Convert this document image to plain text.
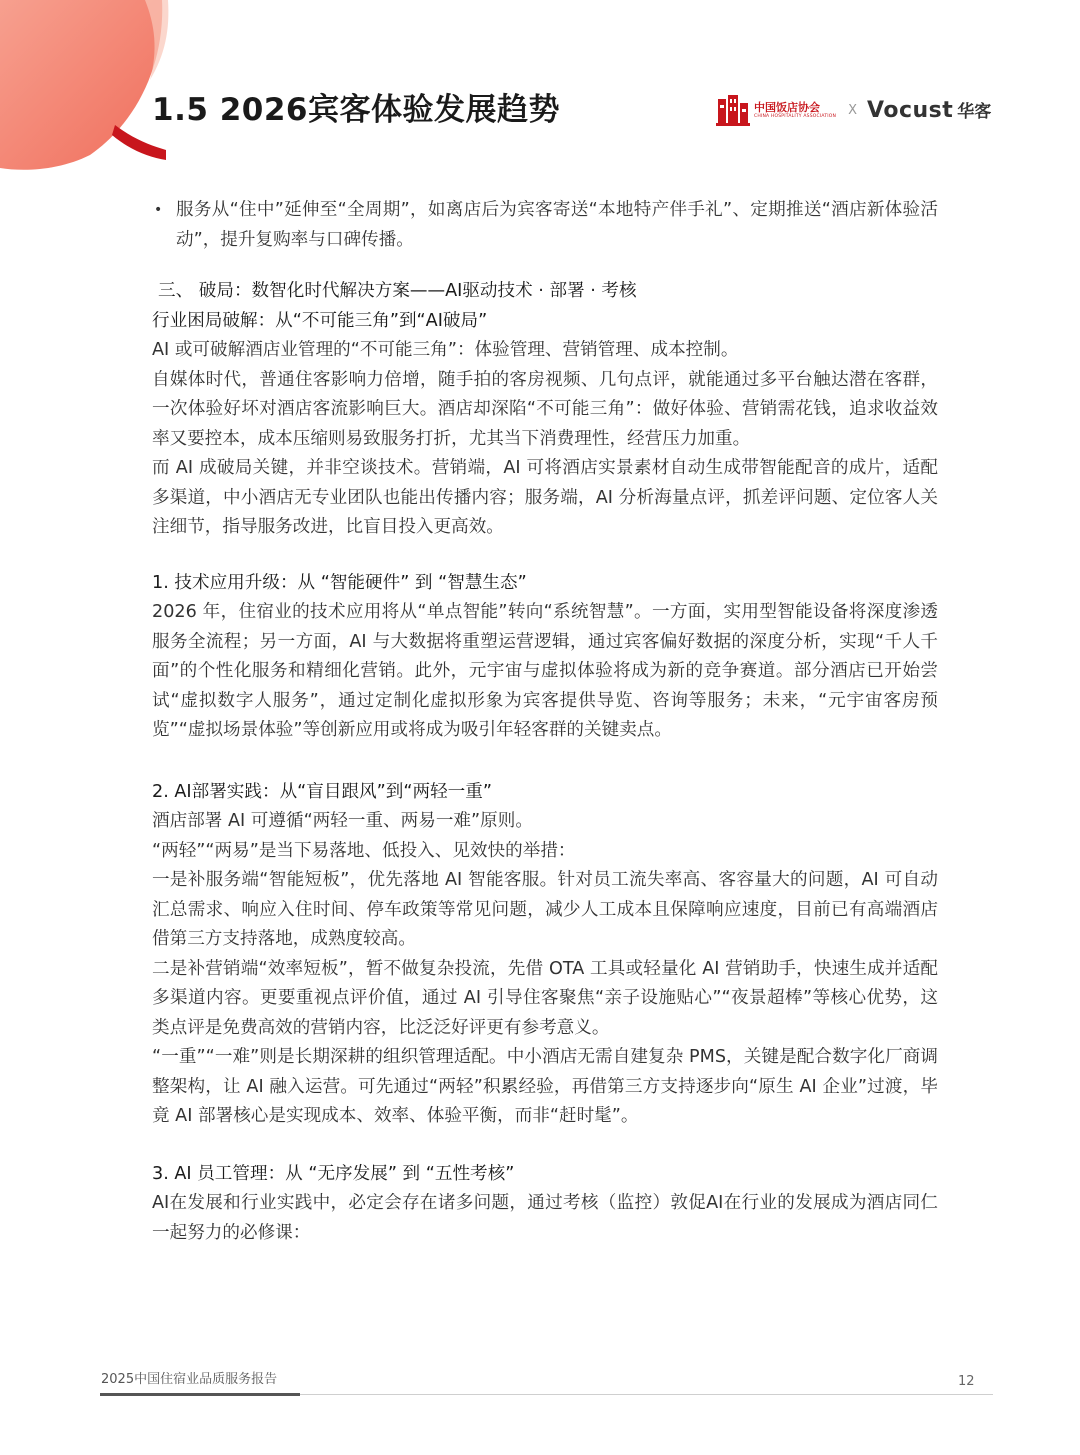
1.5 2026宾客体验发展趋势	中国饭店协会
CHINA HOSPITALITY ASSOCIATION X Vocust 华客
• 服务从“住中”延伸至“全周期”，如离店后为宾客寄送“本地特产伴手礼”、定期推送“酒店新体验活动”，提升复购率与口碑传播。

三、 破局：数智化时代解决方案——AI驱动技术 · 部署 · 考核

行业困局破解：从“不可能三角”到“AI破局”

AI 或可破解酒店业管理的“不可能三角”：体验管理、营销管理、成本控制。

自媒体时代，普通住客影响力倍增，随手拍的客房视频、几句点评，就能通过多平台触达潜在客群，一次体验好坏对酒店客流影响巨大。酒店却深陷“不可能三角”：做好体验、营销需花钱，追求收益效率又要控本，成本压缩则易致服务打折，尤其当下消费理性，经营压力加重。

而 AI 成破局关键，并非空谈技术。营销端，AI 可将酒店实景素材自动生成带智能配音的成片，适配多渠道，中小酒店无专业团队也能出传播内容；服务端，AI 分析海量点评，抓差评问题、定位客人关注细节，指导服务改进，比盲目投入更高效。

1. 技术应用升级：从 “智能硬件” 到 “智慧生态”

2026 年，住宿业的技术应用将从“单点智能”转向“系统智慧”。一方面，实用型智能设备将深度渗透服务全流程；另一方面，AI 与大数据将重塑运营逻辑，通过宾客偏好数据的深度分析，实现“千人千面”的个性化服务和精细化营销。此外，元宇宙与虚拟体验将成为新的竞争赛道。部分酒店已开始尝试“虚拟数字人服务”，通过定制化虚拟形象为宾客提供导览、咨询等服务；未来，“元宇宙客房预览”“虚拟场景体验”等创新应用或将成为吸引年轻客群的关键卖点。

2. AI部署实践：从“盲目跟风”到“两轻一重”

酒店部署 AI 可遵循“两轻一重、两易一难”原则。

“两轻”“两易”是当下易落地、低投入、见效快的举措：

一是补服务端“智能短板”，优先落地 AI 智能客服。针对员工流失率高、客容量大的问题，AI 可自动汇总需求、响应入住时间、停车政策等常见问题，减少人工成本且保障响应速度，目前已有高端酒店借第三方支持落地，成熟度较高。

二是补营销端“效率短板”，暂不做复杂投流，先借 OTA 工具或轻量化 AI 营销助手，快速生成并适配多渠道内容。更要重视点评价值，通过 AI 引导住客聚焦“亲子设施贴心”“夜景超棒”等核心优势，这类点评是免费高效的营销内容，比泛泛好评更有参考意义。

“一重”“一难”则是长期深耕的组织管理适配。中小酒店无需自建复杂 PMS，关键是配合数字化厂商调整架构，让 AI 融入运营。可先通过“两轻”积累经验，再借第三方支持逐步向“原生 AI 企业”过渡，毕竟 AI 部署核心是实现成本、效率、体验平衡，而非“赶时髦”。

3. AI 员工管理：从 “无序发展” 到 “五性考核”

AI在发展和行业实践中，必定会存在诸多问题，通过考核（监控）敦促AI在行业的发展成为酒店同仁一起努力的必修课：

2025中国住宿业品质服务报告	12
